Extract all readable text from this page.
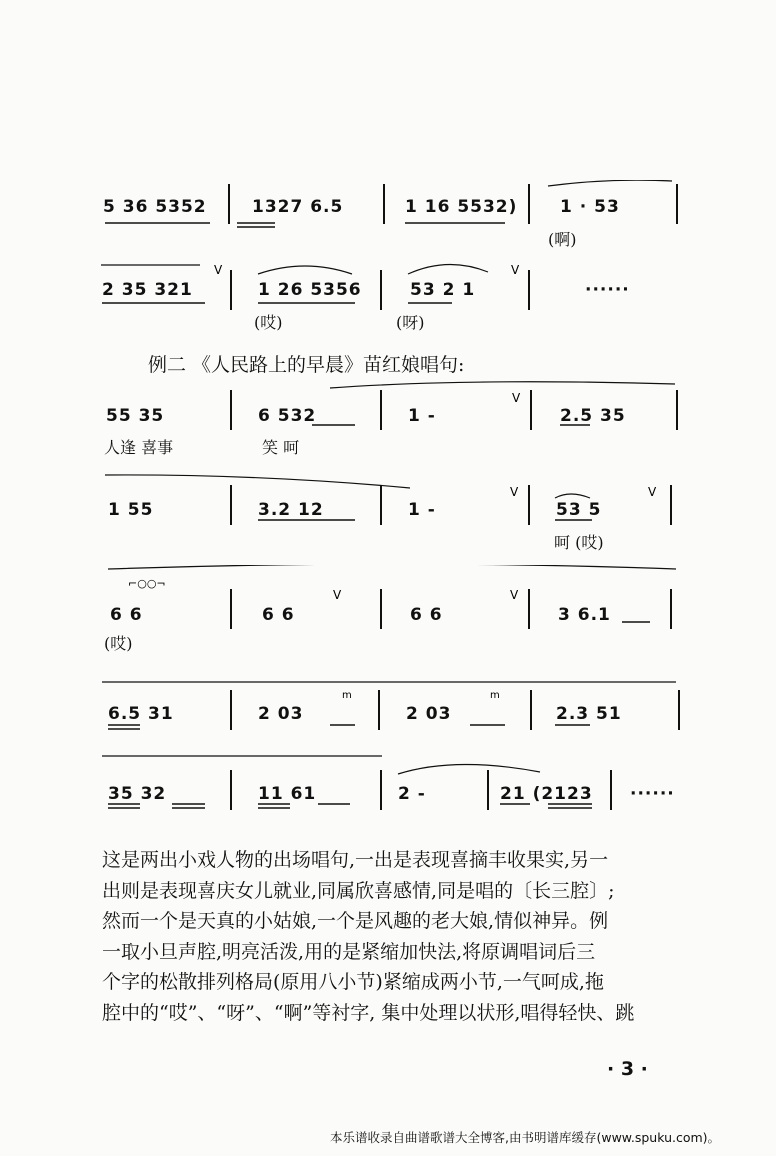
5 36 5352	1327 6.5	1 16 5532)	1 · 53
(啊)
V	V
2 35 321	1 26 5356	53 2 1	······
(哎)	(呀)
例二 《人民路上的早晨》苗红娘唱句:
V
55 35	6 532	1 -	2.5 35
人逢 喜事	笑 呵
V	V
1 55	3.2 12	1 -	53 5
呵 (哎)
⌐○○¬
V	V
6 6	6 6	6 6	3 6.1
(哎)
m	m
6.5 31	2 03	2 03	2.3 51
35 32	11 61	2 -	21 (2123 ······

这是两出小戏人物的出场唱句,一出是表现喜摘丰收果实,另一

出则是表现喜庆女儿就业,同属欣喜感情,同是唱的〔长三腔〕;

然而一个是天真的小姑娘,一个是风趣的老大娘,情似神异。例

一取小旦声腔,明亮活泼,用的是紧缩加快法,将原调唱词后三

个字的松散排列格局(原用八小节)紧缩成两小节,一气呵成,拖

腔中的“哎”、“呀”、“啊”等衬字, 集中处理以状形,唱得轻快、跳

· 3 ·
本乐谱收录自曲谱歌谱大全博客,由书明谱库缓存(www.spuku.com)。
